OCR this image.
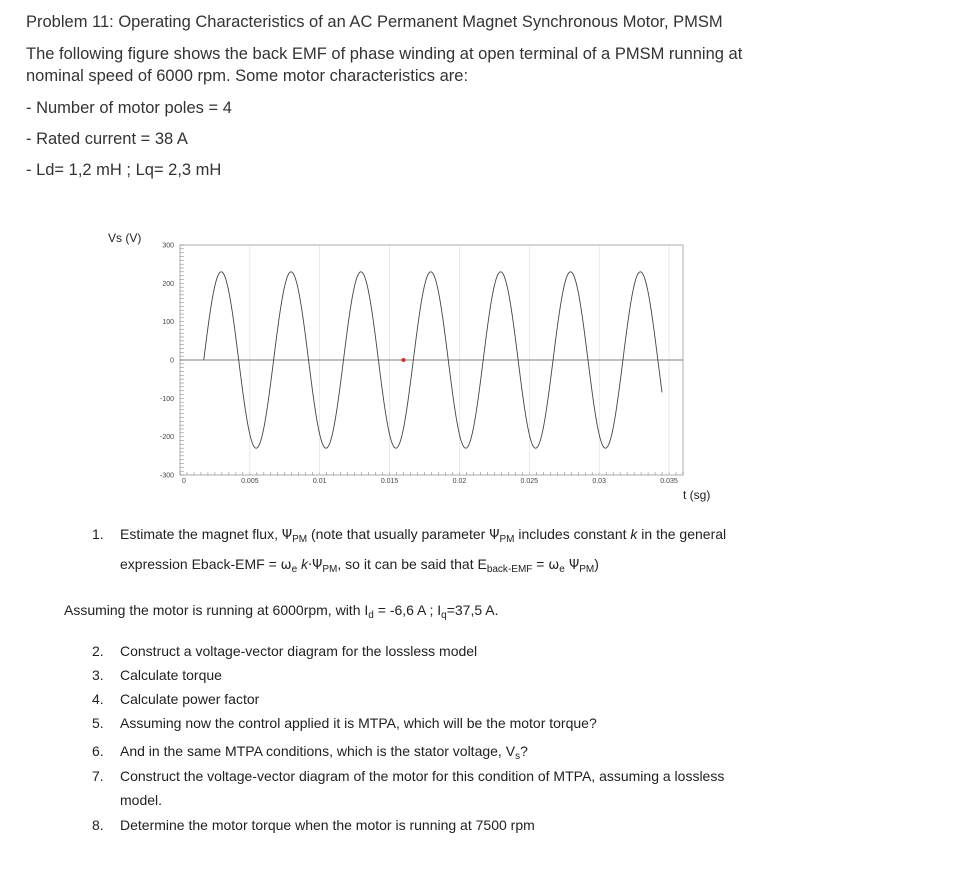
Problem 11: Operating Characteristics of an AC Permanent Magnet Synchronous Motor, PMSM
The following figure shows the back EMF of phase winding at open terminal of a PMSM running at
nominal speed of 6000 rpm. Some motor characteristics are:
- Number of motor poles = 4
- Rated current = 38 A
- Ld= 1,2 mH ; Lq= 2,3 mH
Vs (V)
t (sg)
300
200
100
0
-100
-200
-300
0	0.005	0.01	0.015	0.02	0.025	0.03	0.035
1. Estimate the magnet flux, $\Psi_{PM}$ (note that usually parameter $\Psi_{PM}$ includes constant k in the general
expression Eback-EMF = $\omega_e$ $k\cdot\Psi_{PM}$, so it can be said that $E_{back-EMF} = \omega_e$ $\Psi_{PM}$)
Assuming the motor is running at 6000rpm, with $I_d = -6,6$ A ; $I_q=37,5$ A.
2. Construct a voltage-vector diagram for the lossless model
3. Calculate torque
4. Calculate power factor
5. Assuming now the control applied it is MTPA, which will be the motor torque?
6. And in the same MTPA conditions, which is the stator voltage, $V_s$?
7. Construct the voltage-vector diagram of the motor for this condition of MTPA, assuming a lossless
model.
8. Determine the motor torque when the motor is running at 7500 rpm
